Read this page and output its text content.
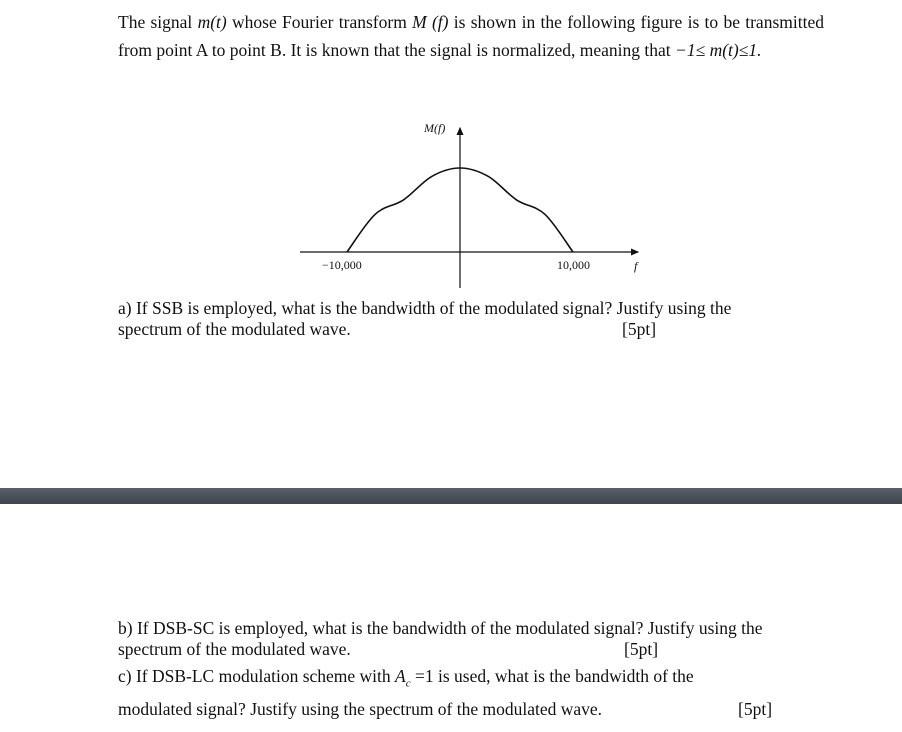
The signal m(t) whose Fourier transform M (f) is shown in the following figure is to be transmitted from point A to point B. It is known that the signal is normalized, meaning that −1≤ m(t)≤1.

M(f)
f
−10,000	10,000
a) If SSB is employed, what is the bandwidth of the modulated signal? Justify using the
spectrum of the modulated wave.	[5pt]
b) If DSB-SC is employed, what is the bandwidth of the modulated signal? Justify using the
spectrum of the modulated wave.	[5pt]
c) If DSB-LC modulation scheme with $A_c =1$ is used, what is the bandwidth of the
modulated signal? Justify using the spectrum of the modulated wave.	[5pt]
